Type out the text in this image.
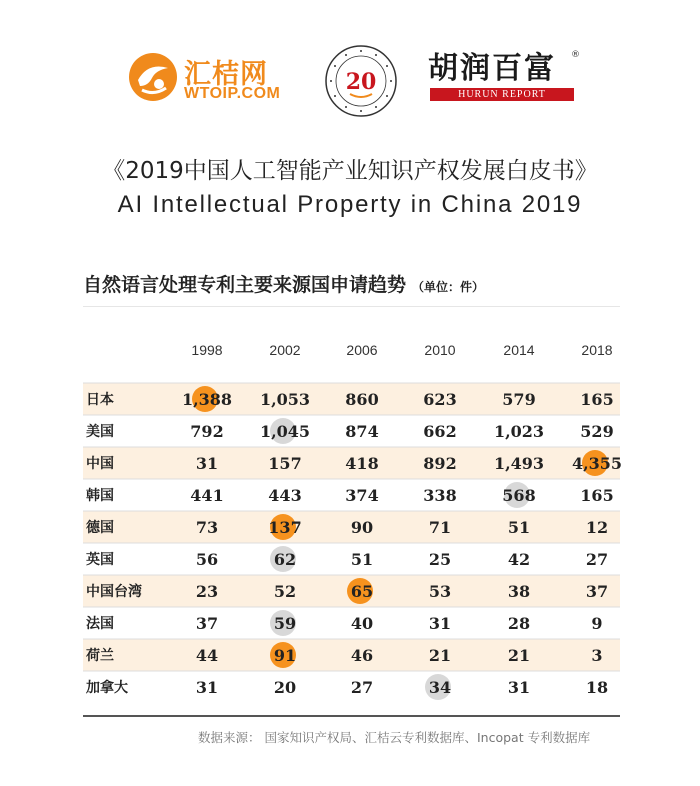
汇桔网
WTOIP.COM	20 胡润百富 ®
HURUN REPORT
《2019中国人工智能产业知识产权发展白皮书》
AI Intellectual Property in China 2019
自然语言处理专利主要来源国申请趋势 （单位：件）
1998	2002	2006	2010	2014	2018
日本	1,388 1,053 860	623	579	165
美国	792 1,045 874	662 1,023 529
中国	31	157	418	892 1,493 4,355
韩国	441	443	374	338	568	165
德国	73	137	90	71	51	12
英国	56	62	51	25	42	27
中国台湾	23	52	65	53	38	37
法国	37	59	40	31	28	9
荷兰	44	91	46	21	21	3
加拿大	31	20	27	34	31	18
数据来源： 国家知识产权局、汇桔云专利数据库、Incopat 专利数据库
